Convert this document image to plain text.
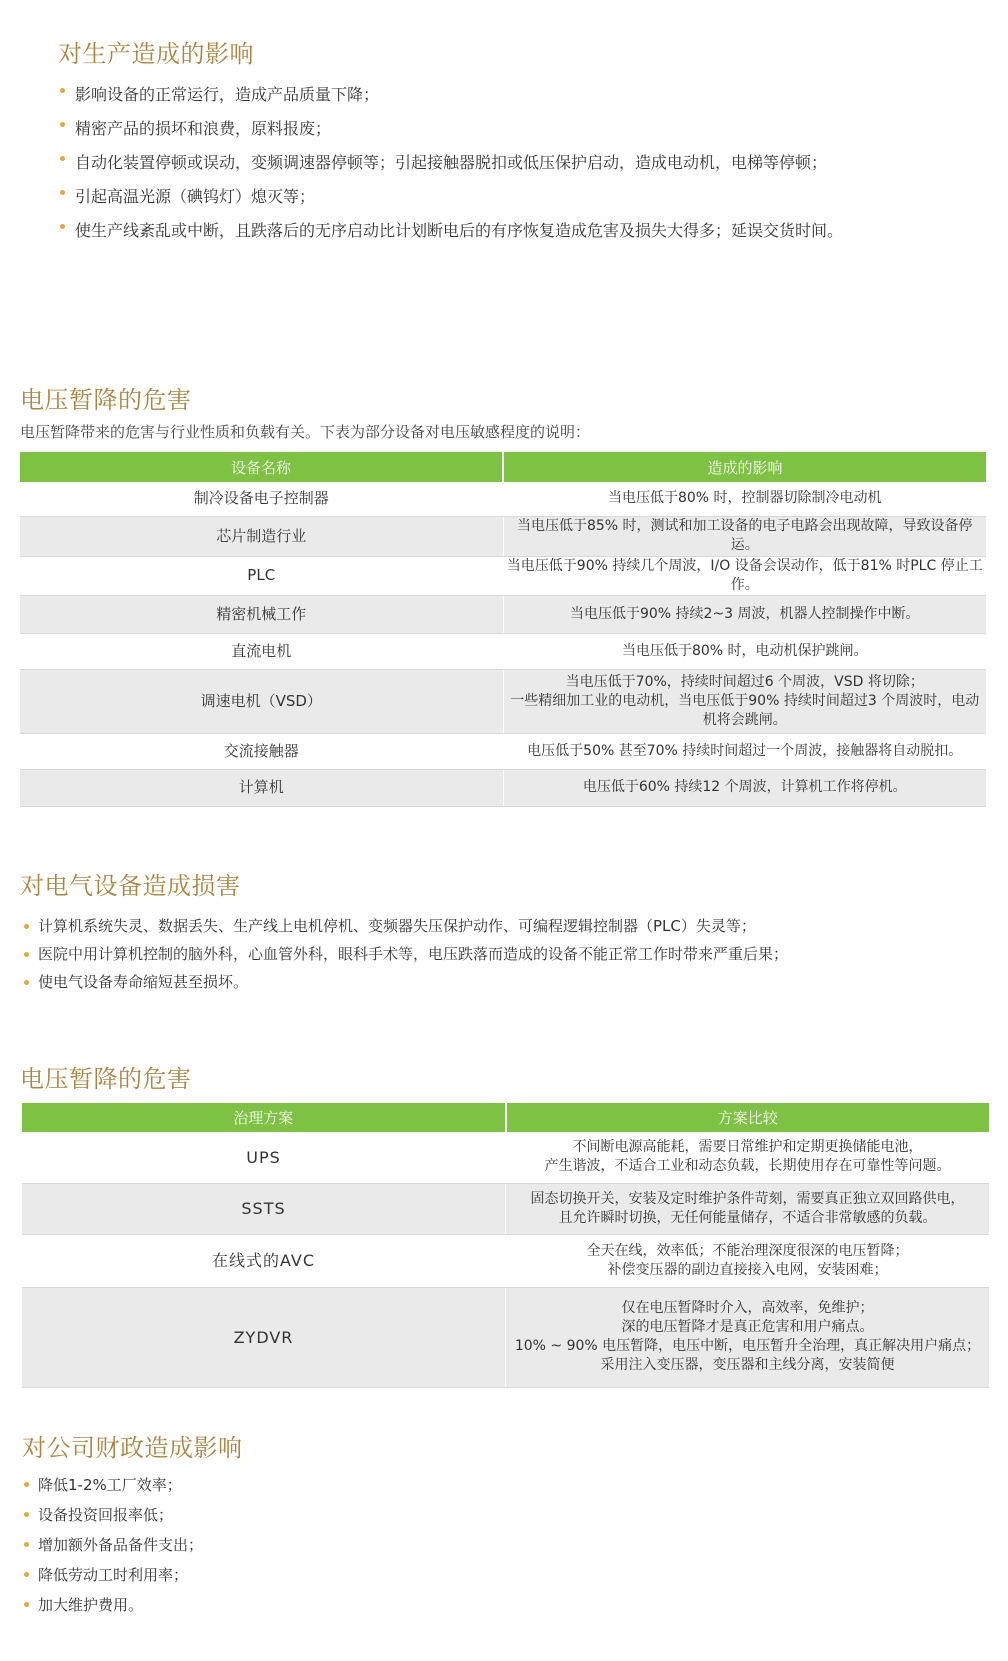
对生产造成的影响
影响设备的正常运行，造成产品质量下降；
精密产品的损坏和浪费，原料报废；
自动化装置停顿或误动，变频调速器停顿等；引起接触器脱扣或低压保护启动，造成电动机，电梯等停顿；
引起高温光源（碘钨灯）熄灭等；
使生产线紊乱或中断，且跌落后的无序启动比计划断电后的有序恢复造成危害及损失大得多；延误交货时间。
电压暂降的危害

电压暂降带来的危害与行业性质和负载有关。下表为部分设备对电压敏感程度的说明：

设备名称	造成的影响
制冷设备电子控制器	当电压低于80% 时，控制器切除制冷电动机

芯片制造行业	当电压低于85% 时，测试和加工设备的电子电路会出现故障，导致设备停运。

PLC	当电压低于90% 持续几个周波，I/O 设备会误动作，低于81% 时PLC 停止工作。

精密机械工作	当电压低于90% 持续2~3 周波，机器人控制操作中断。

直流电机	当电压低于80% 时，电动机保护跳闸。

调速电机（VSD）	当电压低于70%，持续时间超过6 个周波，VSD 将切除；
一些精细加工业的电动机，当电压低于90% 持续时间超过3 个周波时，电动机将会跳闸。

交流接触器	电压低于50% 甚至70% 持续时间超过一个周波，接触器将自动脱扣。

计算机	电压低于60% 持续12 个周波，计算机工作将停机。
对电气设备造成损害
计算机系统失灵、数据丢失、生产线上电机停机、变频器失压保护动作、可编程逻辑控制器（PLC）失灵等；
医院中用计算机控制的脑外科，心血管外科，眼科手术等，电压跌落而造成的设备不能正常工作时带来严重后果；
使电气设备寿命缩短甚至损坏。
电压暂降的危害
治理方案	方案比较
UPS	不间断电源高能耗，需要日常维护和定期更换储能电池，
产生谐波，不适合工业和动态负载，长期使用存在可靠性等问题。

SSTS	固态切换开关，安装及定时维护条件苛刻，需要真正独立双回路供电，
且允许瞬时切换，无任何能量储存，不适合非常敏感的负载。

在线式的AVC	全天在线，效率低；不能治理深度很深的电压暂降；
补偿变压器的副边直接接入电网，安装困难；

ZYDVR	仅在电压暂降时介入，高效率，免维护；
深的电压暂降才是真正危害和用户痛点。
10% ~ 90% 电压暂降，电压中断，电压暂升全治理，真正解决用户痛点；
采用注入变压器，变压器和主线分离，安装简便
对公司财政造成影响
降低1-2%工厂效率；
设备投资回报率低；
增加额外备品备件支出；
降低劳动工时利用率；
加大维护费用。
